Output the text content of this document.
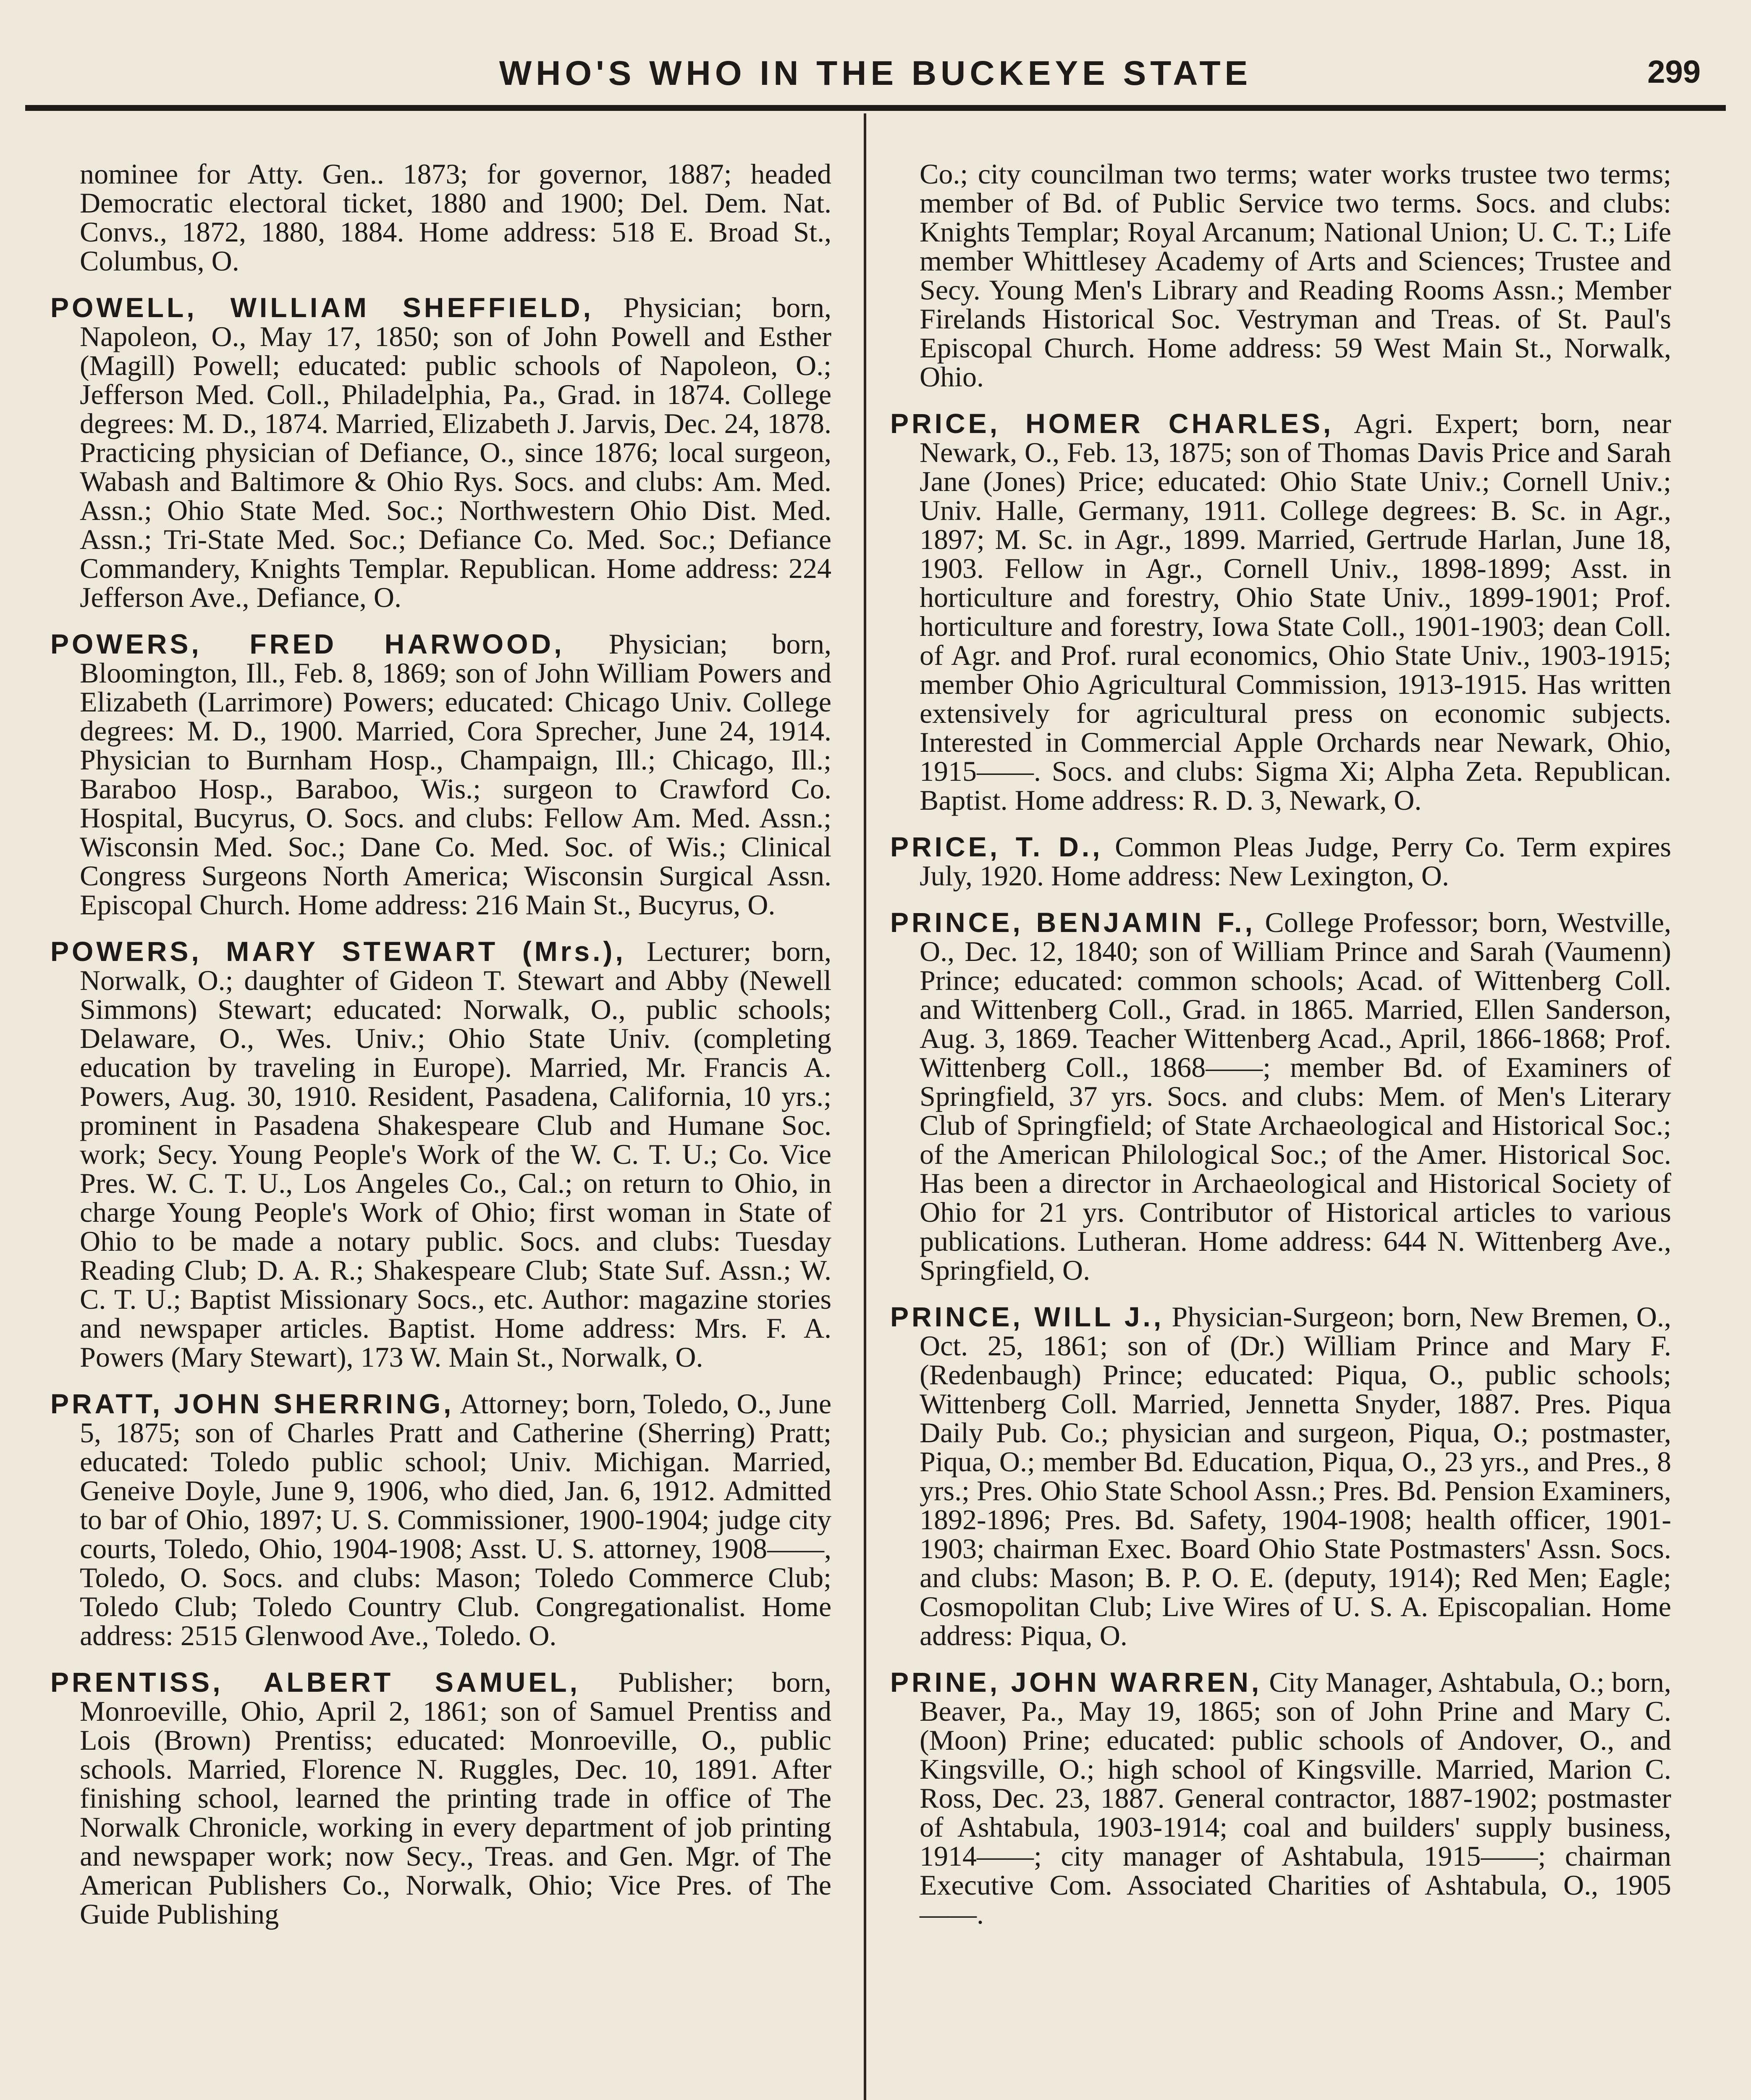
WHO'S WHO IN THE BUCKEYE STATE	299

nominee for Atty. Gen.. 1873; for governor, 1887; headed Democratic electoral ticket, 1880 and 1900; Del. Dem. Nat. Convs., 1872, 1880, 1884. Home address: 518 E. Broad St., Columbus, O.

POWELL, WILLIAM SHEFFIELD, Physician; born, Napoleon, O., May 17, 1850; son of John Powell and Esther (Magill) Powell; educated: public schools of Napoleon, O.; Jefferson Med. Coll., Philadelphia, Pa., Grad. in 1874. College degrees: M. D., 1874. Married, Elizabeth J. Jarvis, Dec. 24, 1878. Practicing physician of Defiance, O., since 1876; local surgeon, Wabash and Baltimore & Ohio Rys. Socs. and clubs: Am. Med. Assn.; Ohio State Med. Soc.; Northwestern Ohio Dist. Med. Assn.; Tri-State Med. Soc.; Defiance Co. Med. Soc.; Defiance Commandery, Knights Templar. Republican. Home address: 224 Jefferson Ave., Defiance, O.

POWERS, FRED HARWOOD, Physician; born, Bloomington, Ill., Feb. 8, 1869; son of John William Powers and Elizabeth (Larrimore) Powers; educated: Chicago Univ. College degrees: M. D., 1900. Married, Cora Sprecher, June 24, 1914. Physician to Burnham Hosp., Champaign, Ill.; Chicago, Ill.; Baraboo Hosp., Baraboo, Wis.; surgeon to Crawford Co. Hospital, Bucyrus, O. Socs. and clubs: Fellow Am. Med. Assn.; Wisconsin Med. Soc.; Dane Co. Med. Soc. of Wis.; Clinical Congress Surgeons North America; Wisconsin Surgical Assn. Episcopal Church. Home address: 216 Main St., Bucyrus, O.

POWERS, MARY STEWART (Mrs.), Lecturer; born, Norwalk, O.; daughter of Gideon T. Stewart and Abby (Newell Simmons) Stewart; educated: Norwalk, O., public schools; Delaware, O., Wes. Univ.; Ohio State Univ. (completing education by traveling in Europe). Married, Mr. Francis A. Powers, Aug. 30, 1910. Resident, Pasadena, California, 10 yrs.; prominent in Pasadena Shakespeare Club and Humane Soc. work; Secy. Young People's Work of the W. C. T. U.; Co. Vice Pres. W. C. T. U., Los Angeles Co., Cal.; on return to Ohio, in charge Young People's Work of Ohio; first woman in State of Ohio to be made a notary public. Socs. and clubs: Tuesday Reading Club; D. A. R.; Shakespeare Club; State Suf. Assn.; W. C. T. U.; Baptist Missionary Socs., etc. Author: magazine stories and newspaper articles. Baptist. Home address: Mrs. F. A. Powers (Mary Stewart), 173 W. Main St., Norwalk, O.

PRATT, JOHN SHERRING, Attorney; born, Toledo, O., June 5, 1875; son of Charles Pratt and Catherine (Sherring) Pratt; educated: Toledo public school; Univ. Michigan. Married, Geneive Doyle, June 9, 1906, who died, Jan. 6, 1912. Admitted to bar of Ohio, 1897; U. S. Commissioner, 1900-1904; judge city courts, Toledo, Ohio, 1904-1908; Asst. U. S. attorney, 1908——, Toledo, O. Socs. and clubs: Mason; Toledo Commerce Club; Toledo Club; Toledo Country Club. Congregationalist. Home address: 2515 Glenwood Ave., Toledo. O.

PRENTISS, ALBERT SAMUEL, Publisher; born, Monroeville, Ohio, April 2, 1861; son of Samuel Prentiss and Lois (Brown) Prentiss; educated: Monroeville, O., public schools. Married, Florence N. Ruggles, Dec. 10, 1891. After finishing school, learned the printing trade in office of The Norwalk Chronicle, working in every department of job printing and newspaper work; now Secy., Treas. and Gen. Mgr. of The American Publishers Co., Norwalk, Ohio; Vice Pres. of The Guide Publishing

Co.; city councilman two terms; water works trustee two terms; member of Bd. of Public Service two terms. Socs. and clubs: Knights Templar; Royal Arcanum; National Union; U. C. T.; Life member Whittlesey Academy of Arts and Sciences; Trustee and Secy. Young Men's Library and Reading Rooms Assn.; Member Firelands Historical Soc. Vestryman and Treas. of St. Paul's Episcopal Church. Home address: 59 West Main St., Norwalk, Ohio.

PRICE, HOMER CHARLES, Agri. Expert; born, near Newark, O., Feb. 13, 1875; son of Thomas Davis Price and Sarah Jane (Jones) Price; educated: Ohio State Univ.; Cornell Univ.; Univ. Halle, Germany, 1911. College degrees: B. Sc. in Agr., 1897; M. Sc. in Agr., 1899. Married, Gertrude Harlan, June 18, 1903. Fellow in Agr., Cornell Univ., 1898-1899; Asst. in horticulture and forestry, Ohio State Univ., 1899-1901; Prof. horticulture and forestry, Iowa State Coll., 1901-1903; dean Coll. of Agr. and Prof. rural economics, Ohio State Univ., 1903-1915; member Ohio Agricultural Commission, 1913-1915. Has written extensively for agricultural press on economic subjects. Interested in Commercial Apple Orchards near Newark, Ohio, 1915——. Socs. and clubs: Sigma Xi; Alpha Zeta. Republican. Baptist. Home address: R. D. 3, Newark, O.

PRICE, T. D., Common Pleas Judge, Perry Co. Term expires July, 1920. Home address: New Lexington, O.

PRINCE, BENJAMIN F., College Professor; born, Westville, O., Dec. 12, 1840; son of William Prince and Sarah (Vaumenn) Prince; educated: common schools; Acad. of Wittenberg Coll. and Wittenberg Coll., Grad. in 1865. Married, Ellen Sanderson, Aug. 3, 1869. Teacher Wittenberg Acad., April, 1866-1868; Prof. Wittenberg Coll., 1868——; member Bd. of Examiners of Springfield, 37 yrs. Socs. and clubs: Mem. of Men's Literary Club of Springfield; of State Archaeological and Historical Soc.; of the American Philological Soc.; of the Amer. Historical Soc. Has been a director in Archaeological and Historical Society of Ohio for 21 yrs. Contributor of Historical articles to various publications. Lutheran. Home address: 644 N. Wittenberg Ave., Springfield, O.

PRINCE, WILL J., Physician-Surgeon; born, New Bremen, O., Oct. 25, 1861; son of (Dr.) William Prince and Mary F. (Redenbaugh) Prince; educated: Piqua, O., public schools; Wittenberg Coll. Married, Jennetta Snyder, 1887. Pres. Piqua Daily Pub. Co.; physician and surgeon, Piqua, O.; postmaster, Piqua, O.; member Bd. Education, Piqua, O., 23 yrs., and Pres., 8 yrs.; Pres. Ohio State School Assn.; Pres. Bd. Pension Examiners, 1892-1896; Pres. Bd. Safety, 1904-1908; health officer, 1901-1903; chairman Exec. Board Ohio State Postmasters' Assn. Socs. and clubs: Mason; B. P. O. E. (deputy, 1914); Red Men; Eagle; Cosmopolitan Club; Live Wires of U. S. A. Episcopalian. Home address: Piqua, O.

PRINE, JOHN WARREN, City Manager, Ashtabula, O.; born, Beaver, Pa., May 19, 1865; son of John Prine and Mary C. (Moon) Prine; educated: public schools of Andover, O., and Kingsville, O.; high school of Kingsville. Married, Marion C. Ross, Dec. 23, 1887. General contractor, 1887-1902; postmaster of Ashtabula, 1903-1914; coal and builders' supply business, 1914——; city manager of Ashtabula, 1915——; chairman Executive Com. Associated Charities of Ashtabula, O., 1905——.
